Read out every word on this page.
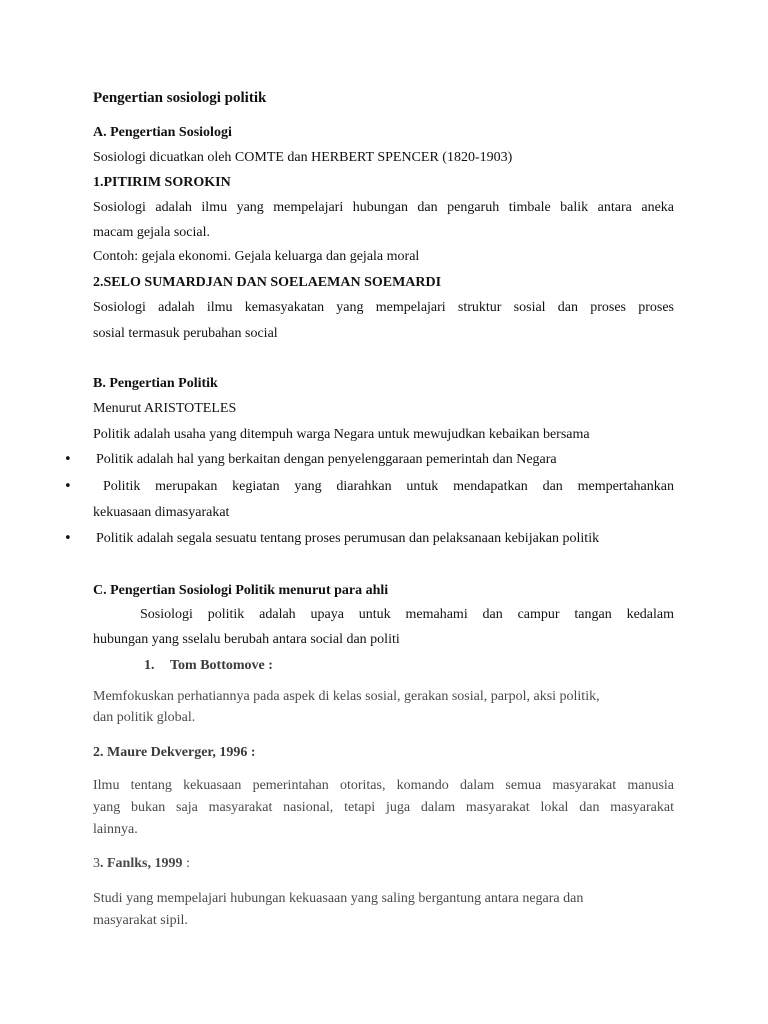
Pengertian sosiologi politik
A. Pengertian Sosiologi
Sosiologi dicuatkan oleh COMTE dan HERBERT SPENCER (1820-1903)
1.PITIRIM SOROKIN
Sosiologi adalah ilmu yang mempelajari hubungan dan pengaruh timbale balik antara aneka
macam gejala social.
Contoh: gejala ekonomi. Gejala keluarga dan gejala moral
2.SELO SUMARDJAN DAN SOELAEMAN SOEMARDI
Sosiologi adalah ilmu kemasyakatan yang mempelajari struktur sosial dan proses proses
sosial termasuk perubahan social
B. Pengertian Politik
Menurut ARISTOTELES
Politik adalah usaha yang ditempuh warga Negara untuk mewujudkan kebaikan bersama
• Politik adalah hal yang berkaitan dengan penyelenggaraan pemerintah dan Negara
• Politik merupakan kegiatan yang diarahkan untuk mendapatkan dan mempertahankan
kekuasaan dimasyarakat
• Politik adalah segala sesuatu tentang proses perumusan dan pelaksanaan kebijakan politik
C. Pengertian Sosiologi Politik menurut para ahli
Sosiologi politik adalah upaya untuk memahami dan campur tangan kedalam
hubungan yang sselalu berubah antara social dan politi
1. Tom Bottomove :
Memfokuskan perhatiannya pada aspek di kelas sosial, gerakan sosial, parpol, aksi politik,
dan politik global.
2. Maure Dekverger, 1996 :
Ilmu tentang kekuasaan pemerintahan otoritas, komando dalam semua masyarakat manusia
yang bukan saja masyarakat nasional, tetapi juga dalam masyarakat lokal dan masyarakat
lainnya.
3. Fanlks, 1999 :
Studi yang mempelajari hubungan kekuasaan yang saling bergantung antara negara dan
masyarakat sipil.
